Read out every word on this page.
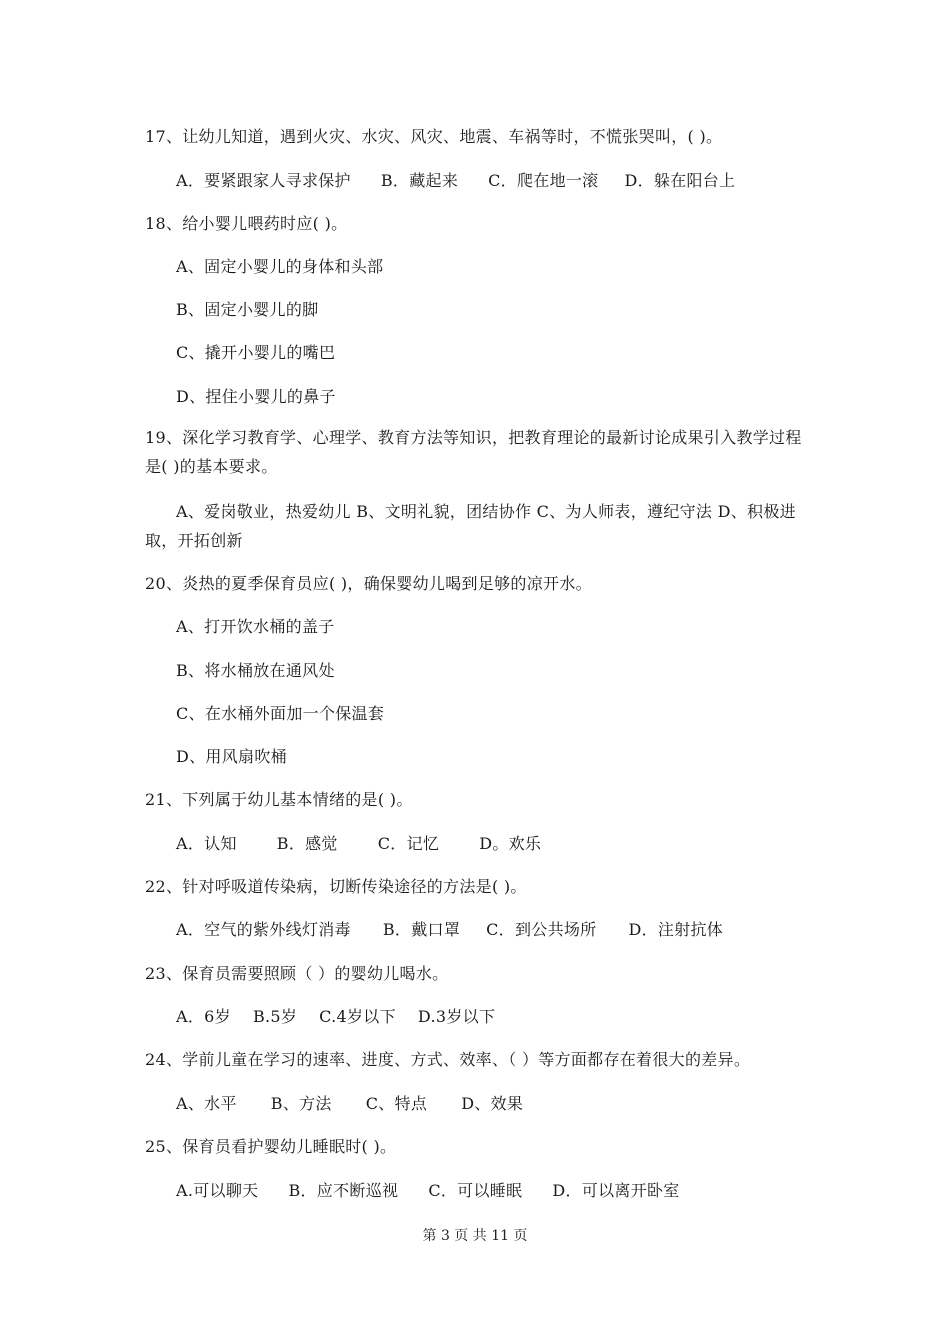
17、让幼儿知道，遇到火灾、水灾、风灾、地震、车祸等时，不慌张哭叫，( )。
A．要紧跟家人寻求保护 B．藏起来 C．爬在地一滚 D．躲在阳台上
18、给小婴儿喂药时应( )。
A、固定小婴儿的身体和头部
B、固定小婴儿的脚
C、撬开小婴儿的嘴巴
D、捏住小婴儿的鼻子
19、深化学习教育学、心理学、教育方法等知识，把教育理论的最新讨论成果引入教学过程是( )的基本要求。
A、爱岗敬业，热爱幼儿 B、文明礼貌，团结协作 C、为人师表，遵纪守法 D、积极进取，开拓创新
20、炎热的夏季保育员应( )，确保婴幼儿喝到足够的凉开水。
A、打开饮水桶的盖子
B、将水桶放在通风处
C、在水桶外面加一个保温套
D、用风扇吹桶
21、下列属于幼儿基本情绪的是( )。
A．认知	B．感觉	C．记忆	D。欢乐
22、针对呼吸道传染病，切断传染途径的方法是( )。
A．空气的紫外线灯消毒 B．戴口罩 C．到公共场所 D．注射抗体
23、保育员需要照顾（ ）的婴幼儿喝水。
A．6岁 B.5岁 C.4岁以下 D.3岁以下
24、学前儿童在学习的速率、进度、方式、效率、（ ）等方面都存在着很大的差异。
A、水平 B、方法 C、特点 D、效果
25、保育员看护婴幼儿睡眠时( )。
A.可以聊天 B．应不断巡视 C．可以睡眠 D．可以离开卧室
第 3 页 共 11 页
